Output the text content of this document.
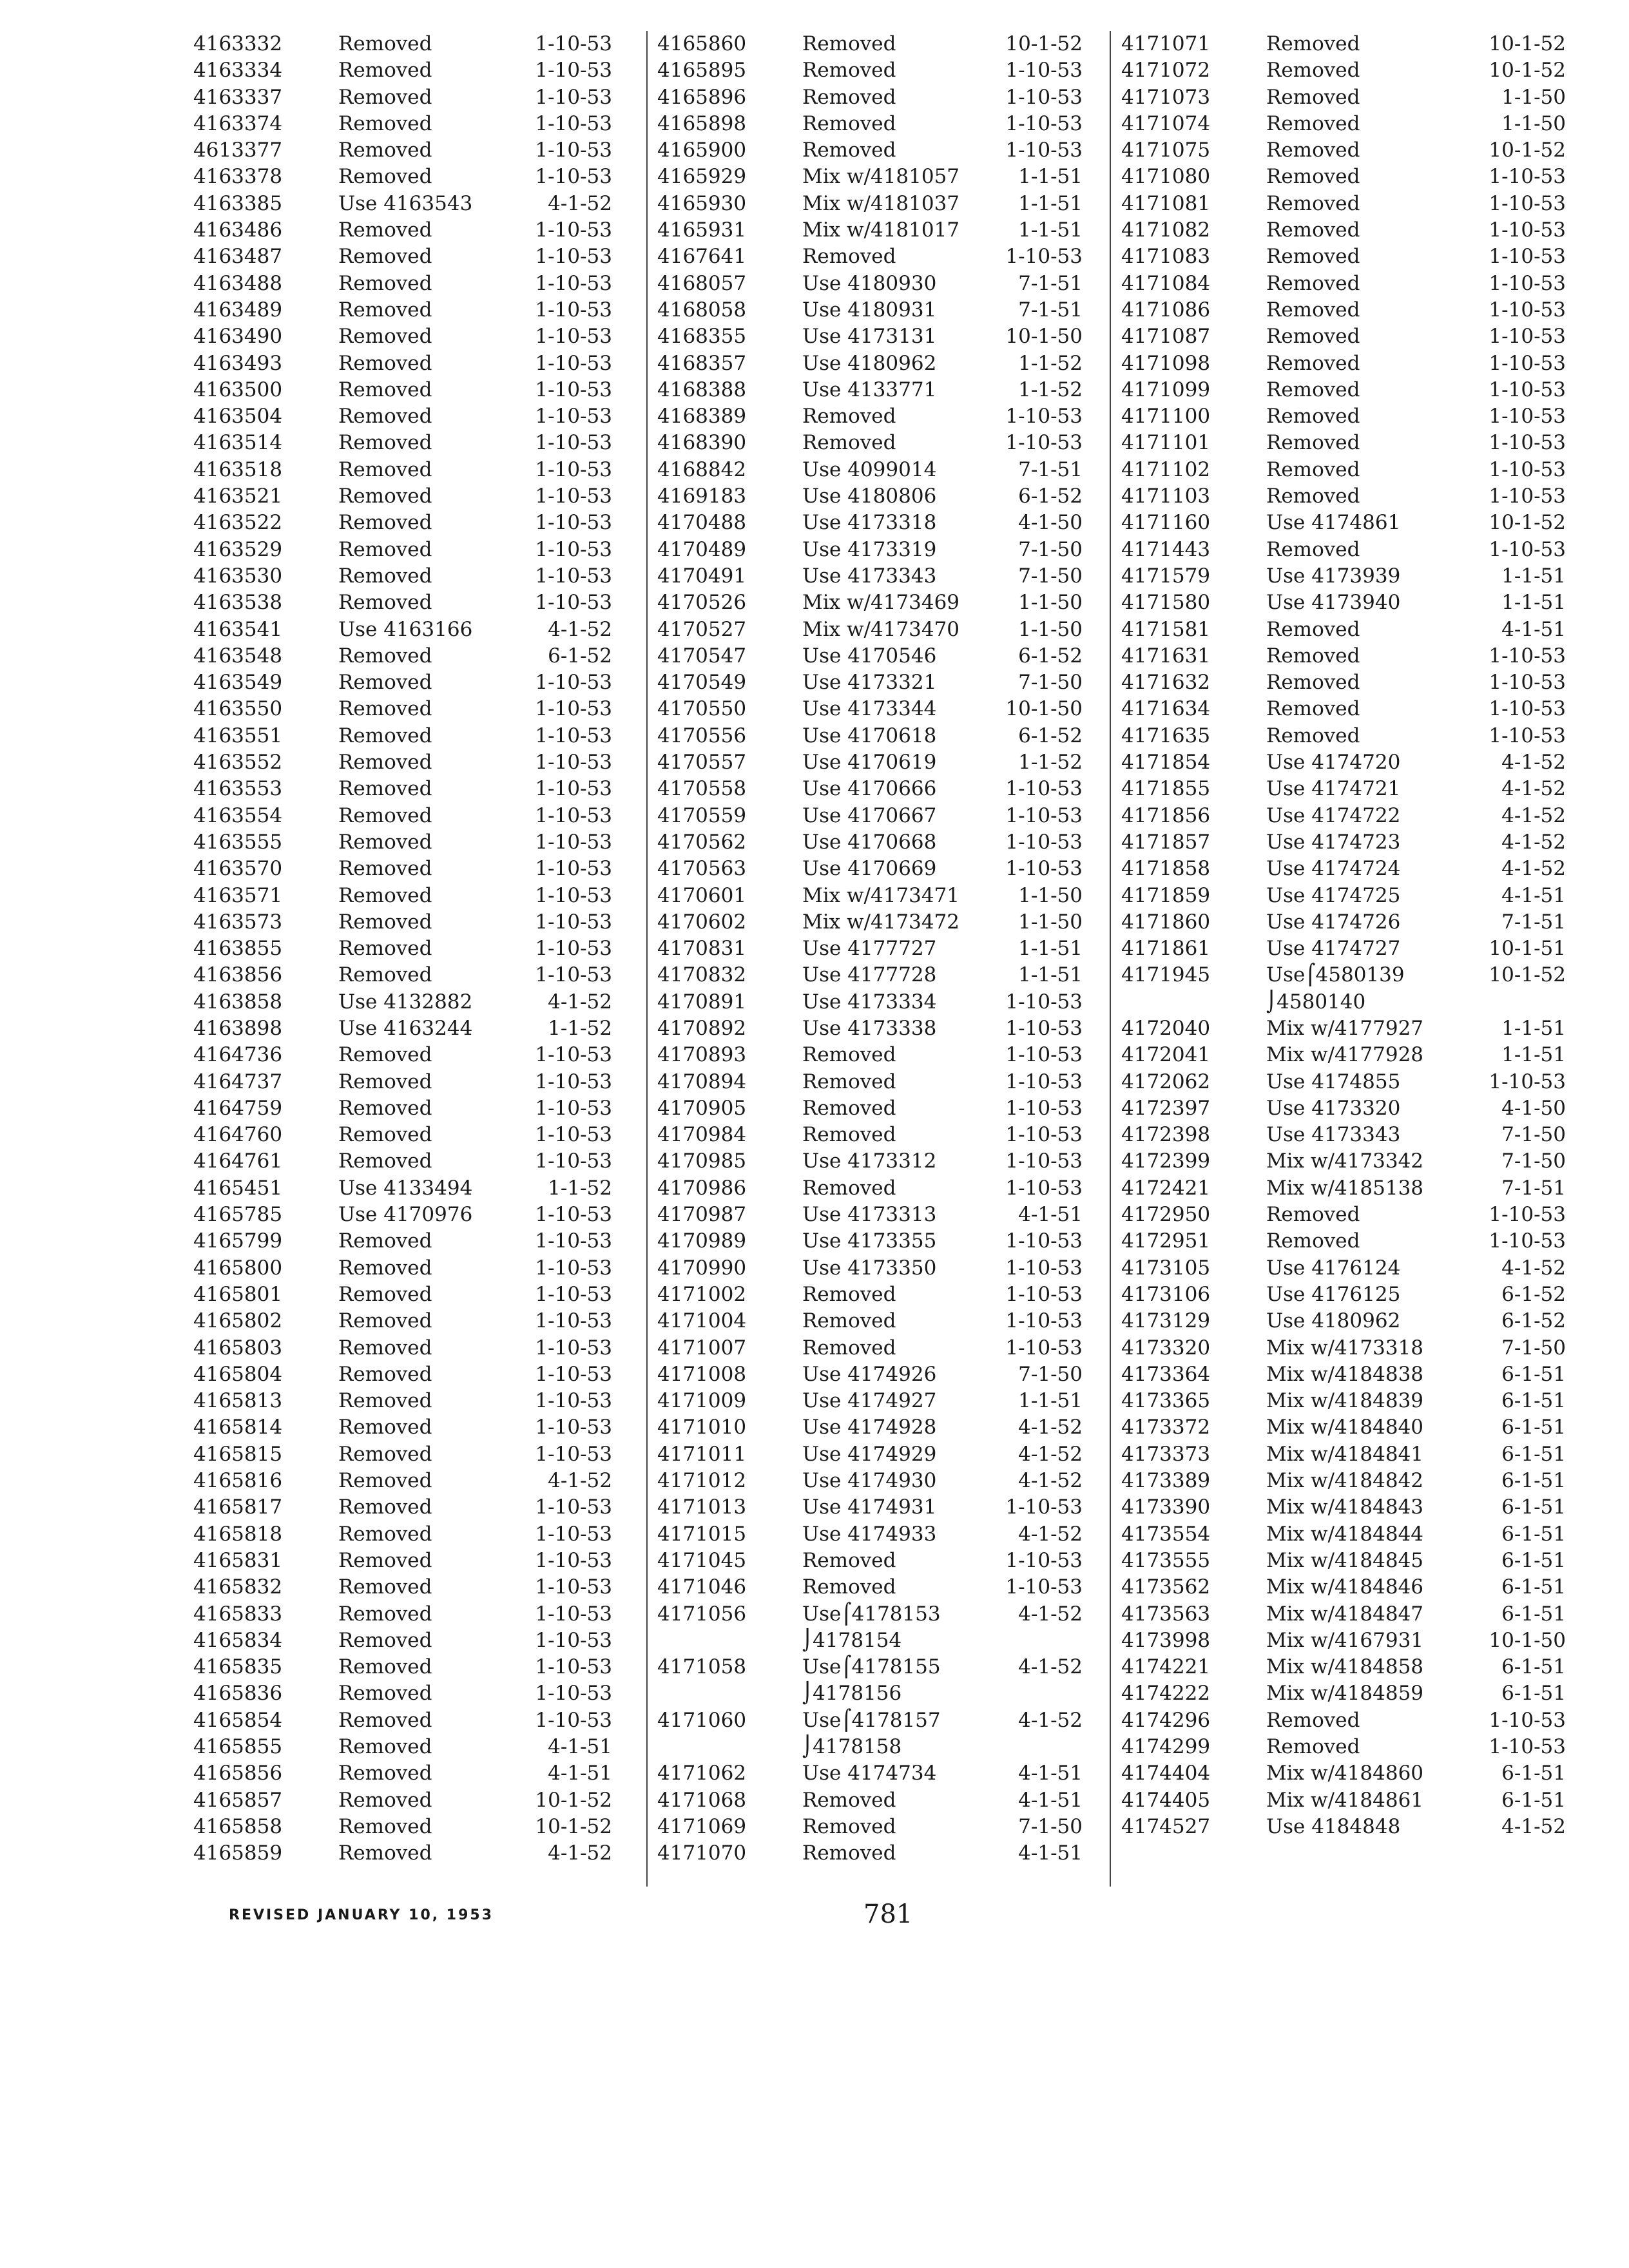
4163332	Removed	1-10-53
4163334	Removed	1-10-53
4163337	Removed	1-10-53
4163374	Removed	1-10-53
4613377	Removed	1-10-53
4163378	Removed	1-10-53
4163385	Use 4163543	4-1-52
4163486	Removed	1-10-53
4163487	Removed	1-10-53
4163488	Removed	1-10-53
4163489	Removed	1-10-53
4163490	Removed	1-10-53
4163493	Removed	1-10-53
4163500	Removed	1-10-53
4163504	Removed	1-10-53
4163514	Removed	1-10-53
4163518	Removed	1-10-53
4163521	Removed	1-10-53
4163522	Removed	1-10-53
4163529	Removed	1-10-53
4163530	Removed	1-10-53
4163538	Removed	1-10-53
4163541	Use 4163166	4-1-52
4163548	Removed	6-1-52
4163549	Removed	1-10-53
4163550	Removed	1-10-53
4163551	Removed	1-10-53
4163552	Removed	1-10-53
4163553	Removed	1-10-53
4163554	Removed	1-10-53
4163555	Removed	1-10-53
4163570	Removed	1-10-53
4163571	Removed	1-10-53
4163573	Removed	1-10-53
4163855	Removed	1-10-53
4163856	Removed	1-10-53
4163858	Use 4132882	4-1-52
4163898	Use 4163244	1-1-52
4164736	Removed	1-10-53
4164737	Removed	1-10-53
4164759	Removed	1-10-53
4164760	Removed	1-10-53
4164761	Removed	1-10-53
4165451	Use 4133494	1-1-52
4165785	Use 4170976	1-10-53
4165799	Removed	1-10-53
4165800	Removed	1-10-53
4165801	Removed	1-10-53
4165802	Removed	1-10-53
4165803	Removed	1-10-53
4165804	Removed	1-10-53
4165813	Removed	1-10-53
4165814	Removed	1-10-53
4165815	Removed	1-10-53
4165816	Removed	4-1-52
4165817	Removed	1-10-53
4165818	Removed	1-10-53
4165831	Removed	1-10-53
4165832	Removed	1-10-53
4165833	Removed	1-10-53
4165834	Removed	1-10-53
4165835	Removed	1-10-53
4165836	Removed	1-10-53
4165854	Removed	1-10-53
4165855	Removed	4-1-51
4165856	Removed	4-1-51
4165857	Removed	10-1-52
4165858	Removed	10-1-52
4165859	Removed	4-1-52
4165860	Removed	10-1-52
4165895	Removed	1-10-53
4165896	Removed	1-10-53
4165898	Removed	1-10-53
4165900	Removed	1-10-53
4165929	Mix w/4181057	1-1-51
4165930	Mix w/4181037	1-1-51
4165931	Mix w/4181017	1-1-51
4167641	Removed	1-10-53
4168057	Use 4180930	7-1-51
4168058	Use 4180931	7-1-51
4168355	Use 4173131	10-1-50
4168357	Use 4180962	1-1-52
4168388	Use 4133771	1-1-52
4168389	Removed	1-10-53
4168390	Removed	1-10-53
4168842	Use 4099014	7-1-51
4169183	Use 4180806	6-1-52
4170488	Use 4173318	4-1-50
4170489	Use 4173319	7-1-50
4170491	Use 4173343	7-1-50
4170526	Mix w/4173469	1-1-50
4170527	Mix w/4173470	1-1-50
4170547	Use 4170546	6-1-52
4170549	Use 4173321	7-1-50
4170550	Use 4173344	10-1-50
4170556	Use 4170618	6-1-52
4170557	Use 4170619	1-1-52
4170558	Use 4170666	1-10-53
4170559	Use 4170667	1-10-53
4170562	Use 4170668	1-10-53
4170563	Use 4170669	1-10-53
4170601	Mix w/4173471	1-1-50
4170602	Mix w/4173472	1-1-50
4170831	Use 4177727	1-1-51
4170832	Use 4177728	1-1-51
4170891	Use 4173334	1-10-53
4170892	Use 4173338	1-10-53
4170893	Removed	1-10-53
4170894	Removed	1-10-53
4170905	Removed	1-10-53
4170984	Removed	1-10-53
4170985	Use 4173312	1-10-53
4170986	Removed	1-10-53
4170987	Use 4173313	4-1-51
4170989	Use 4173355	1-10-53
4170990	Use 4173350	1-10-53
4171002	Removed	1-10-53
4171004	Removed	1-10-53
4171007	Removed	1-10-53
4171008	Use 4174926	7-1-50
4171009	Use 4174927	1-1-51
4171010	Use 4174928	4-1-52
4171011	Use 4174929	4-1-52
4171012	Use 4174930	4-1-52
4171013	Use 4174931	1-10-53
4171015	Use 4174933	4-1-52
4171045	Removed	1-10-53
4171046	Removed	1-10-53
4171056	Use⌠4178153	4-1-52
⌡4178154
4171058	Use⌠4178155	4-1-52
⌡4178156
4171060	Use⌠4178157	4-1-52
⌡4178158
4171062	Use 4174734	4-1-51
4171068	Removed	4-1-51
4171069	Removed	7-1-50
4171070	Removed	4-1-51
4171071	Removed	10-1-52
4171072	Removed	10-1-52
4171073	Removed	1-1-50
4171074	Removed	1-1-50
4171075	Removed	10-1-52
4171080	Removed	1-10-53
4171081	Removed	1-10-53
4171082	Removed	1-10-53
4171083	Removed	1-10-53
4171084	Removed	1-10-53
4171086	Removed	1-10-53
4171087	Removed	1-10-53
4171098	Removed	1-10-53
4171099	Removed	1-10-53
4171100	Removed	1-10-53
4171101	Removed	1-10-53
4171102	Removed	1-10-53
4171103	Removed	1-10-53
4171160	Use 4174861	10-1-52
4171443	Removed	1-10-53
4171579	Use 4173939	1-1-51
4171580	Use 4173940	1-1-51
4171581	Removed	4-1-51
4171631	Removed	1-10-53
4171632	Removed	1-10-53
4171634	Removed	1-10-53
4171635	Removed	1-10-53
4171854	Use 4174720	4-1-52
4171855	Use 4174721	4-1-52
4171856	Use 4174722	4-1-52
4171857	Use 4174723	4-1-52
4171858	Use 4174724	4-1-52
4171859	Use 4174725	4-1-51
4171860	Use 4174726	7-1-51
4171861	Use 4174727	10-1-51
4171945	Use⌠4580139	10-1-52
⌡4580140
4172040	Mix w/4177927	1-1-51
4172041	Mix w/4177928	1-1-51
4172062	Use 4174855	1-10-53
4172397	Use 4173320	4-1-50
4172398	Use 4173343	7-1-50
4172399	Mix w/4173342	7-1-50
4172421	Mix w/4185138	7-1-51
4172950	Removed	1-10-53
4172951	Removed	1-10-53
4173105	Use 4176124	4-1-52
4173106	Use 4176125	6-1-52
4173129	Use 4180962	6-1-52
4173320	Mix w/4173318	7-1-50
4173364	Mix w/4184838	6-1-51
4173365	Mix w/4184839	6-1-51
4173372	Mix w/4184840	6-1-51
4173373	Mix w/4184841	6-1-51
4173389	Mix w/4184842	6-1-51
4173390	Mix w/4184843	6-1-51
4173554	Mix w/4184844	6-1-51
4173555	Mix w/4184845	6-1-51
4173562	Mix w/4184846	6-1-51
4173563	Mix w/4184847	6-1-51
4173998	Mix w/4167931	10-1-50
4174221	Mix w/4184858	6-1-51
4174222	Mix w/4184859	6-1-51
4174296	Removed	1-10-53
4174299	Removed	1-10-53
4174404	Mix w/4184860	6-1-51
4174405	Mix w/4184861	6-1-51
4174527	Use 4184848	4-1-52
REVISED JANUARY 10, 1953	781
